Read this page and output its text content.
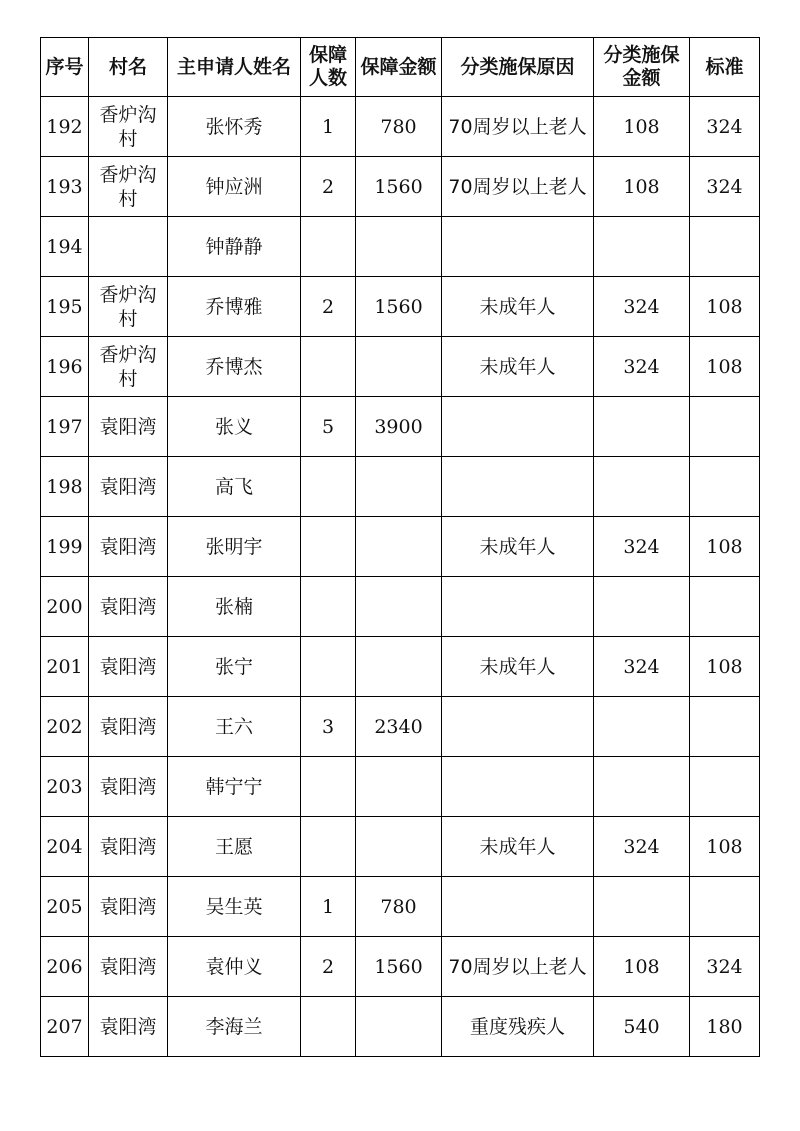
序号	村名	主申请人姓名	保障人数	保障金额	分类施保原因	分类施保金额	标准
192	香炉沟村	张怀秀	1	780	70周岁以上老人	108	324
193	香炉沟村	钟应洲	2	1560	70周岁以上老人	108	324
194		钟静静					
195	香炉沟村	乔博雅	2	1560	未成年人	324	108
196	香炉沟村	乔博杰			未成年人	324	108
197	袁阳湾	张义	5	3900			
198	袁阳湾	高飞					
199	袁阳湾	张明宇			未成年人	324	108
200	袁阳湾	张楠					
201	袁阳湾	张宁			未成年人	324	108
202	袁阳湾	王六	3	2340			
203	袁阳湾	韩宁宁					
204	袁阳湾	王愿			未成年人	324	108
205	袁阳湾	吴生英	1	780			
206	袁阳湾	袁仲义	2	1560	70周岁以上老人	108	324
207	袁阳湾	李海兰			重度残疾人	540	180
